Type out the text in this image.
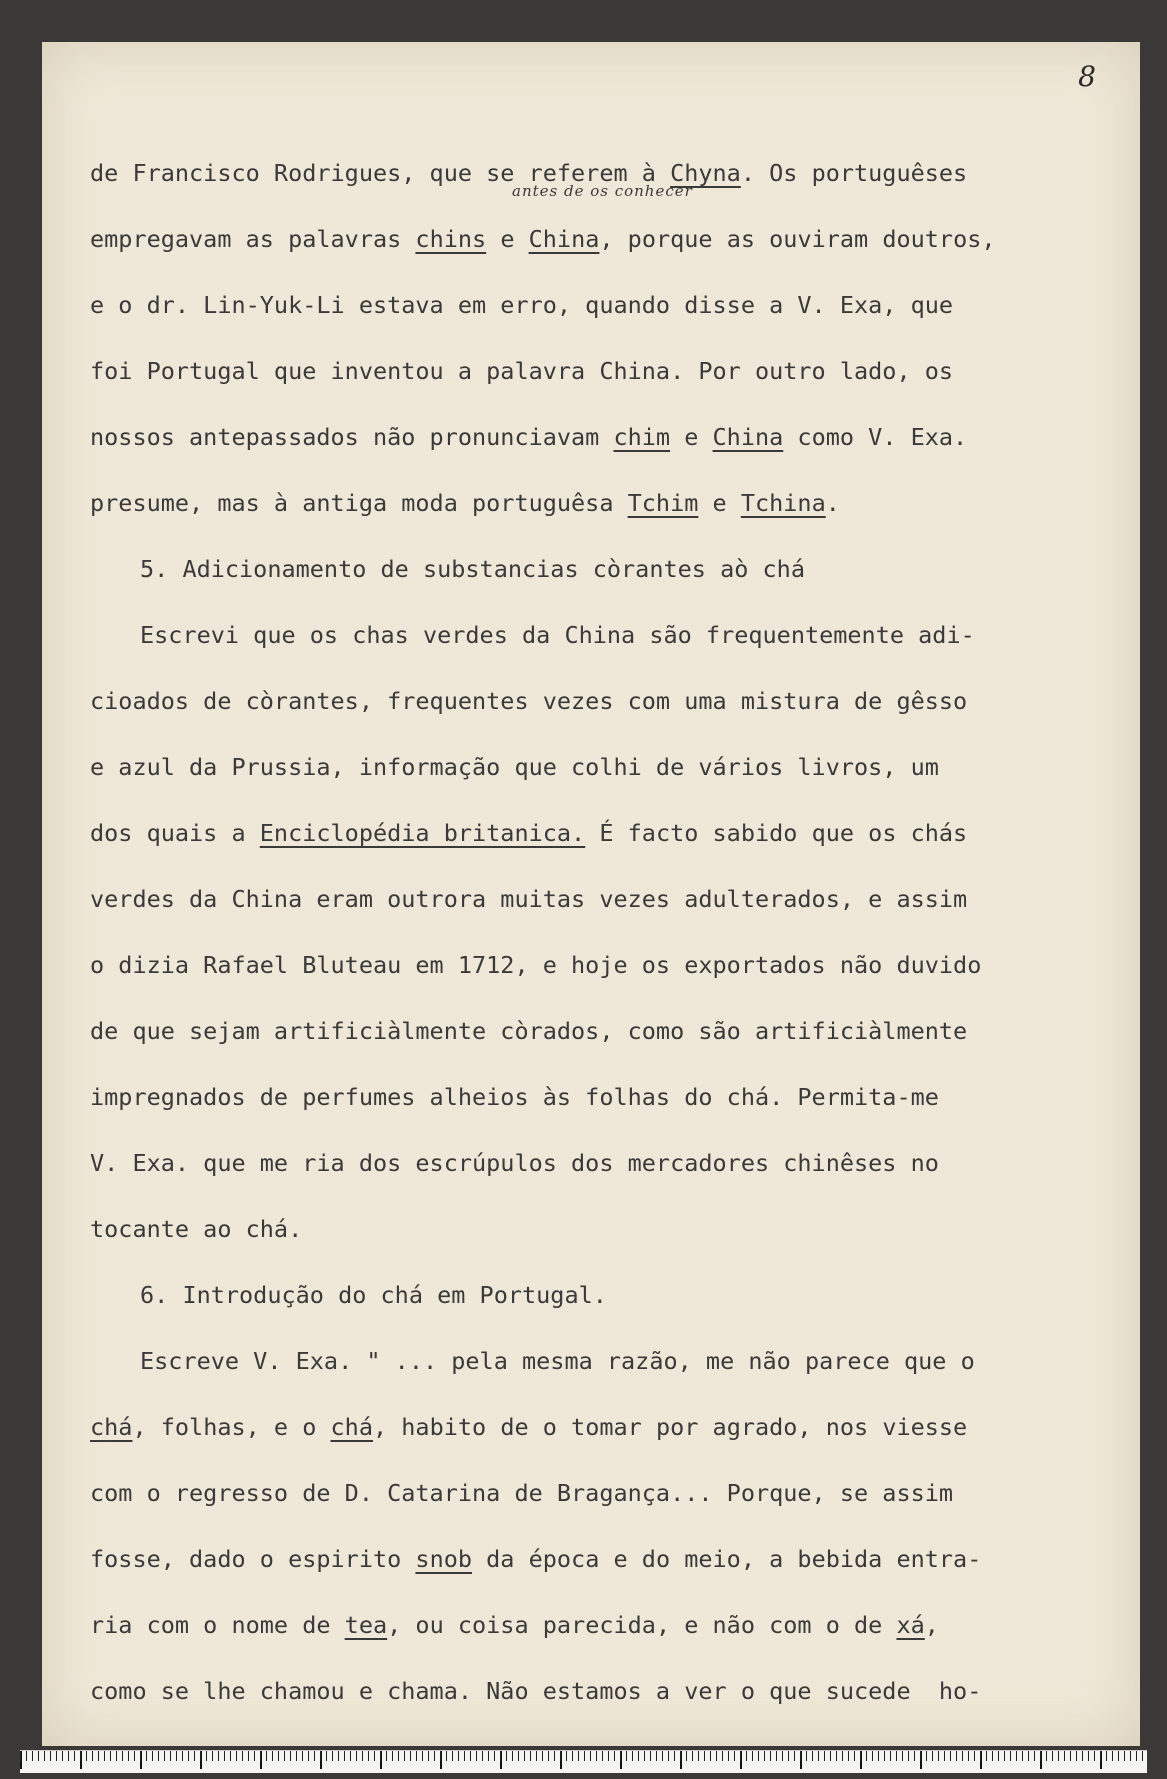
8
antes de os conhecer
de Francisco Rodrigues, que se referem à Chyna. Os portuguêses
empregavam as palavras chins e China, porque as ouviram doutros,
e o dr. Lin-Yuk-Li estava em erro, quando disse a V. Exa, que
foi Portugal que inventou a palavra China. Por outro lado, os
nossos antepassados não pronunciavam chim e China como V. Exa.
presume, mas à antiga moda portuguêsa Tchim e Tchina.
5. Adicionamento de substancias còrantes aò chá
Escrevi que os chas verdes da China são frequentemente adi-
cioados de còrantes, frequentes vezes com uma mistura de gêsso
e azul da Prussia, informação que colhi de vários livros, um
dos quais a Enciclopédia britanica. É facto sabido que os chás
verdes da China eram outrora muitas vezes adulterados, e assim
o dizia Rafael Bluteau em 1712, e hoje os exportados não duvido
de que sejam artificiàlmente còrados, como são artificiàlmente
impregnados de perfumes alheios às folhas do chá. Permita-me
V. Exa. que me ria dos escrúpulos dos mercadores chinêses no
tocante ao chá.
6. Introdução do chá em Portugal.
Escreve V. Exa. " ... pela mesma razão, me não parece que o
chá, folhas, e o chá, habito de o tomar por agrado, nos viesse
com o regresso de D. Catarina de Bragança... Porque, se assim
fosse, dado o espirito snob da época e do meio, a bebida entra-
ria com o nome de tea, ou coisa parecida, e não com o de xá,
como se lhe chamou e chama. Não estamos a ver o que sucede  ho-
